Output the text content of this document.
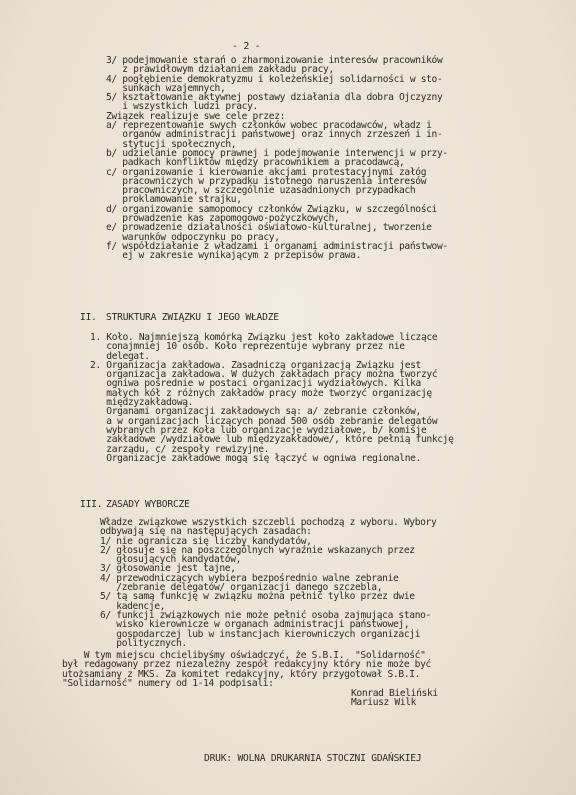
- 2 -
3/ podejmowanie starań o zharmonizowanie interesów pracowników
z prawidłowym działaniem zakładu pracy,
4/ pogłębienie demokratyzmu i koleżeńskiej solidarności w sto-
sunkach wzajemnych,
5/ kształtowanie aktywnej postawy działania dla dobra Ojczyzny
i wszystkich ludzi pracy.
Związek realizuje swe cele przez:
a/ reprezentowanie swych członków wobec pracodawców, władz i
organów administracji państwowej oraz innych zrzeszeń i in-
stytucji społecznych,
b/ udzielanie pomocy prawnej i podejmowanie interwencji w przy-
padkach konfliktów między pracownikiem a pracodawcą,
c/ organizowanie i kierowanie akcjami protestacyjnymi załóg
pracowniczych w przypadku istotnego naruszenia interesów
pracowniczych, w szczególnie uzasadnionych przypadkach
proklamowanie strajku,
d/ organizowanie samopomocy członków Związku, w szczególności
prowadzenie kas zapomogowo-pożyczkowych,
e/ prowadzenie działalności oświatowo-kulturalnej, tworzenie
warunków odpoczynku po pracy,
f/ współdziałanie z władzami i organami administracji państwow-
ej w zakresie wynikającym z przepisów prawa.
II. STRUKTURA ZWIĄZKU I JEGO WŁADZE
1. Koło. Najmniejszą komórką Związku jest koło zakładowe liczące
conajmniej 10 osób. Koło reprezentuje wybrany przez nie
delegat.
2. Organizacja zakładowa. Zasadniczą organizacją Związku jest
organizacja zakładowa. W dużych zakładach pracy można tworzyć
ogniwa pośrednie w postaci organizacji wydziałowych. Kilka
małych kół z różnych zakładów pracy może tworzyć organizację
międzyzakładową.
Organami organizacji zakładowych są: a/ zebranie członków,
a w organizacjach liczących ponad 500 osób zebranie delegatów
wybranych przez Koła lub organizacje wydziałowe, b/ komisje
zakładowe /wydziałowe lub międzyzakładowe/, które pełnią funkcję
zarządu, c/ zespoły rewizyjne.
Organizacje zakładowe mogą się łączyć w ogniwa regionalne.
III. ZASADY WYBORCZE
Władze związkowe wszystkich szczebli pochodzą z wyboru. Wybory
odbywają się na następujących zasadach:
1/ nie ogranicza się liczby kandydatów,
2/ głosuje się na poszczególnych wyraźnie wskazanych przez
głosujących kandydatów,
3/ głosowanie jest tajne,
4/ przewodniczących wybiera bezpośrednio walne zebranie
/zebranie delegatów/ organizacji danego szczebla,
5/ tą samą funkcję w związku można pełnić tylko przez dwie
kadencje,
6/ funkcji związkowych nie może pełnić osoba zajmująca stano-
wisko kierownicze w organach administracji państwowej,
gospodarczej lub w instancjach kierowniczych organizacji
politycznych.
W tym miejscu chcielibyśmy oświadczyć, że S.B.I.  "Solidarność"
był redagowany przez niezależny zespół redakcyjny który nie może być
utożsamiany z MKS. Za komitet redakcyjny, który przygotował S.B.I.
"Solidarność" numery od 1-14 podpisali:
Konrad Bieliński
Mariusz Wilk
DRUK: WOLNA DRUKARNIA STOCZNI GDAŃSKIEJ
